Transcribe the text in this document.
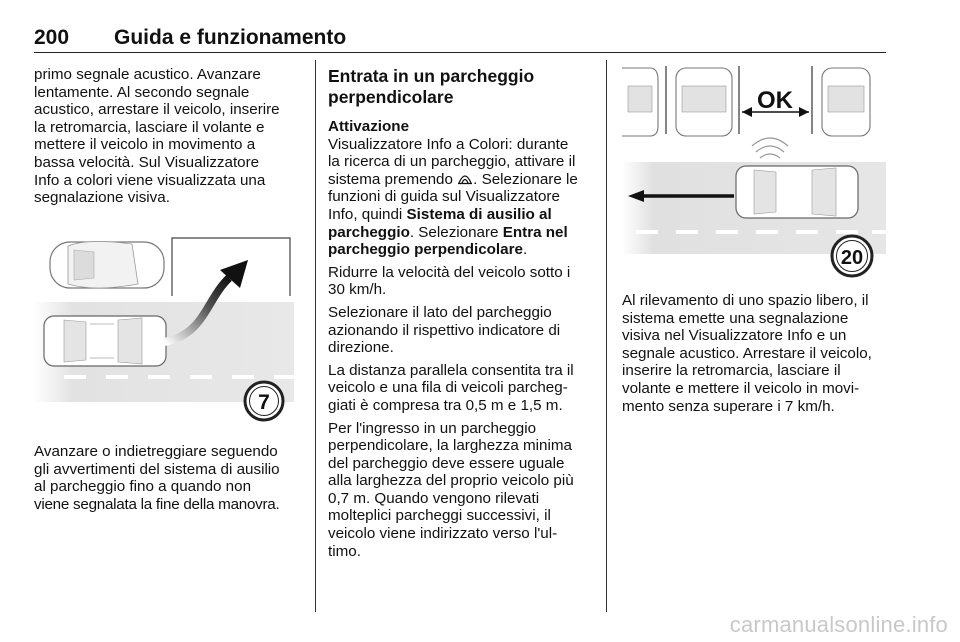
200 Guida e funzionamento

primo segnale acustico. Avanzare

lentamente. Al secondo segnale

acustico, arrestare il veicolo, inserire

la retromarcia, lasciare il volante e

mettere il veicolo in movimento a

bassa velocità. Sul Visualizzatore

Info a colori viene visualizzata una

segnalazione visiva.

7

Avanzare o indietreggiare seguendo

gli avvertimenti del sistema di ausilio

al parcheggio fino a quando non

viene segnalata la fine della manovra.

Entrata in un parcheggio
perpendicolare

Attivazione

Visualizzatore Info a Colori: durante

la ricerca di un parcheggio, attivare il

sistema premendo . Selezionare le

funzioni di guida sul Visualizzatore

Info, quindi Sistema di ausilio al

parcheggio. Selezionare Entra nel

parcheggio perpendicolare.

Ridurre la velocità del veicolo sotto i

30 km/h.

Selezionare il lato del parcheggio

azionando il rispettivo indicatore di

direzione.

La distanza parallela consentita tra il

veicolo e una fila di veicoli parcheg-

giati è compresa tra 0,5 m e 1,5 m.

Per l'ingresso in un parcheggio

perpendicolare, la larghezza minima

del parcheggio deve essere uguale

alla larghezza del proprio veicolo più

0,7 m. Quando vengono rilevati

molteplici parcheggi successivi, il

veicolo viene indirizzato verso l'ul-

timo.

OK
20

Al rilevamento di uno spazio libero, il

sistema emette una segnalazione

visiva nel Visualizzatore Info e un

segnale acustico. Arrestare il veicolo,

inserire la retromarcia, lasciare il

volante e mettere il veicolo in movi-

mento senza superare i 7 km/h.

carmanualsonline.info
